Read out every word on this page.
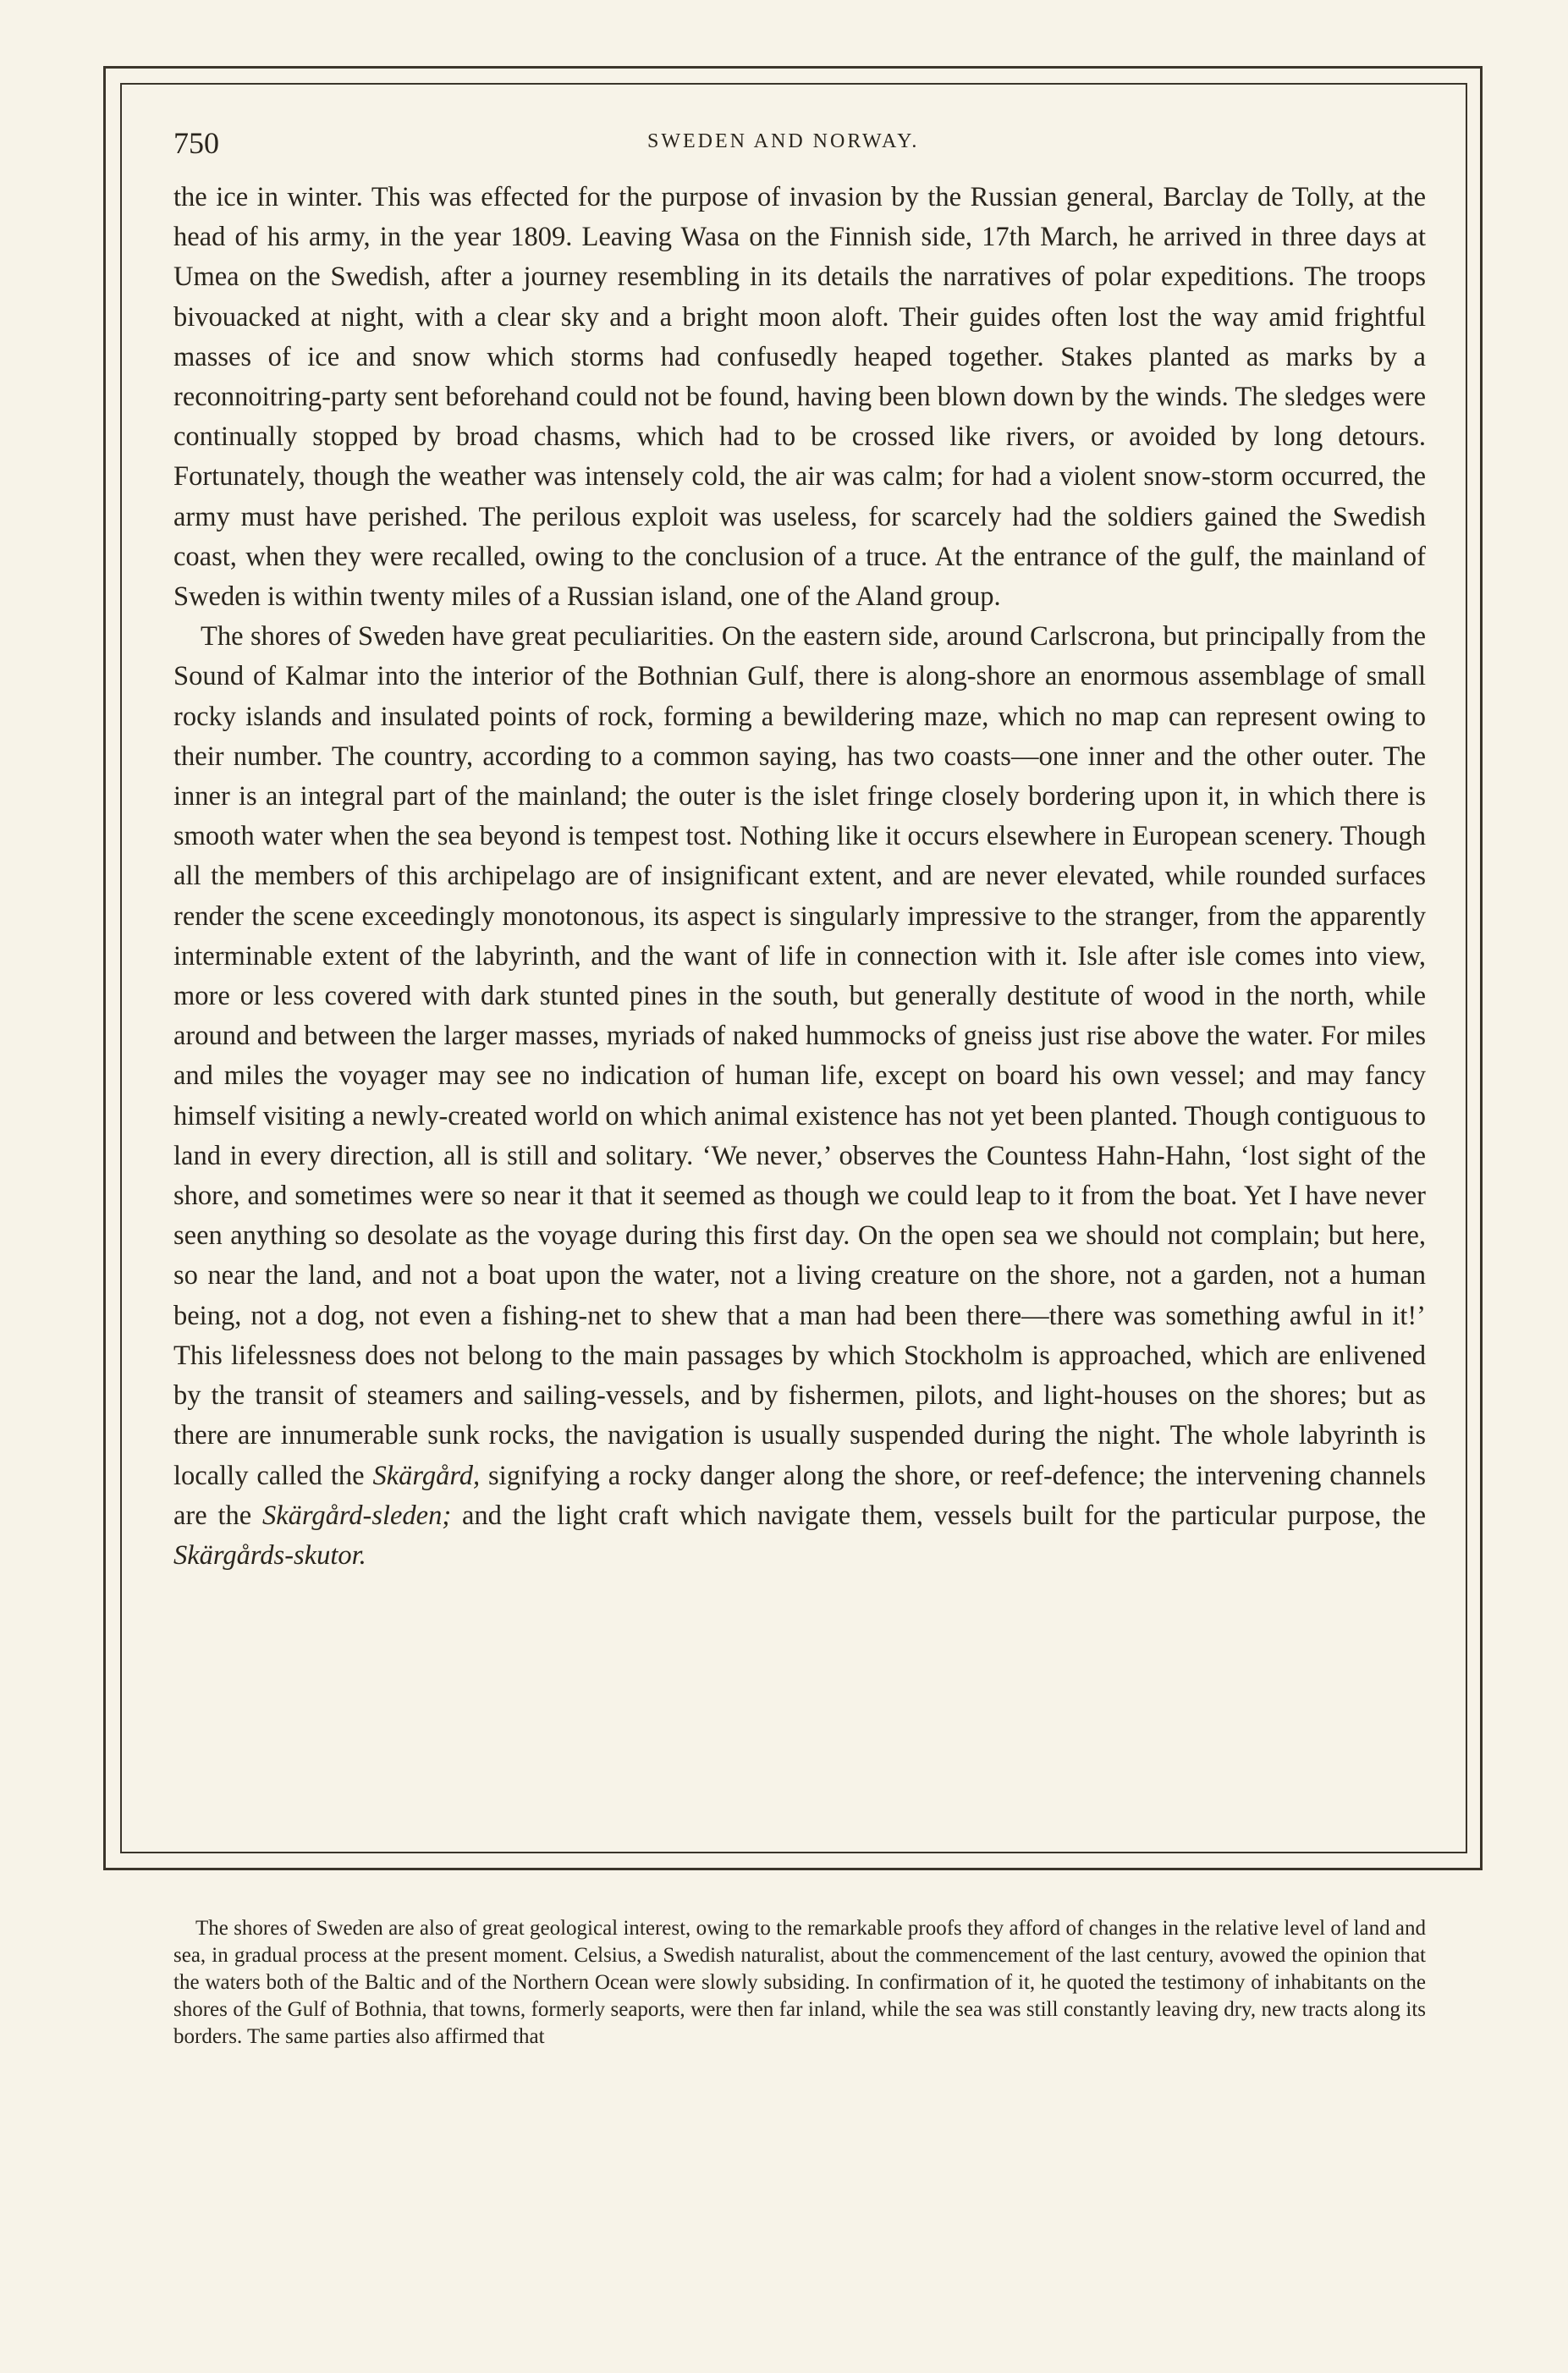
750	SWEDEN AND NORWAY.

the ice in winter. This was effected for the purpose of invasion by the Russian general, Barclay de Tolly, at the head of his army, in the year 1809. Leaving Wasa on the Finnish side, 17th March, he arrived in three days at Umea on the Swedish, after a journey resembling in its details the narratives of polar expeditions. The troops bivouacked at night, with a clear sky and a bright moon aloft. Their guides often lost the way amid frightful masses of ice and snow which storms had confusedly heaped together. Stakes planted as marks by a reconnoitring-party sent beforehand could not be found, having been blown down by the winds. The sledges were continually stopped by broad chasms, which had to be crossed like rivers, or avoided by long detours. Fortunately, though the weather was intensely cold, the air was calm; for had a violent snow-storm occurred, the army must have perished. The perilous exploit was useless, for scarcely had the soldiers gained the Swedish coast, when they were recalled, owing to the conclusion of a truce. At the entrance of the gulf, the mainland of Sweden is within twenty miles of a Russian island, one of the Aland group.

The shores of Sweden have great peculiarities. On the eastern side, around Carlscrona, but principally from the Sound of Kalmar into the interior of the Bothnian Gulf, there is along-shore an enormous assemblage of small rocky islands and insulated points of rock, forming a bewildering maze, which no map can represent owing to their number. The country, according to a common saying, has two coasts—one inner and the other outer. The inner is an integral part of the mainland; the outer is the islet fringe closely bordering upon it, in which there is smooth water when the sea beyond is tempest tost. Nothing like it occurs elsewhere in European scenery. Though all the members of this archipelago are of insignificant extent, and are never elevated, while rounded surfaces render the scene exceedingly monotonous, its aspect is singularly impressive to the stranger, from the apparently interminable extent of the labyrinth, and the want of life in connection with it. Isle after isle comes into view, more or less covered with dark stunted pines in the south, but generally destitute of wood in the north, while around and between the larger masses, myriads of naked hummocks of gneiss just rise above the water. For miles and miles the voyager may see no indication of human life, except on board his own vessel; and may fancy himself visiting a newly-created world on which animal existence has not yet been planted. Though contiguous to land in every direction, all is still and solitary. ‘We never,’ observes the Countess Hahn-Hahn, ‘lost sight of the shore, and sometimes were so near it that it seemed as though we could leap to it from the boat. Yet I have never seen anything so desolate as the voyage during this first day. On the open sea we should not complain; but here, so near the land, and not a boat upon the water, not a living creature on the shore, not a garden, not a human being, not a dog, not even a fishing-net to shew that a man had been there—there was something awful in it!’ This lifelessness does not belong to the main passages by which Stockholm is approached, which are enlivened by the transit of steamers and sailing-vessels, and by fishermen, pilots, and light-houses on the shores; but as there are innumerable sunk rocks, the navigation is usually suspended during the night. The whole labyrinth is locally called the Skärgård, signifying a rocky danger along the shore, or reef-defence; the intervening channels are the Skärgård-sleden; and the light craft which navigate them, vessels built for the particular purpose, the Skärgårds-skutor.

The shores of Sweden are also of great geological interest, owing to the remarkable proofs they afford of changes in the relative level of land and sea, in gradual process at the present moment. Celsius, a Swedish naturalist, about the commencement of the last century, avowed the opinion that the waters both of the Baltic and of the Northern Ocean were slowly subsiding. In confirmation of it, he quoted the testimony of inhabitants on the shores of the Gulf of Bothnia, that towns, formerly seaports, were then far inland, while the sea was still constantly leaving dry, new tracts along its borders. The same parties also affirmed that
